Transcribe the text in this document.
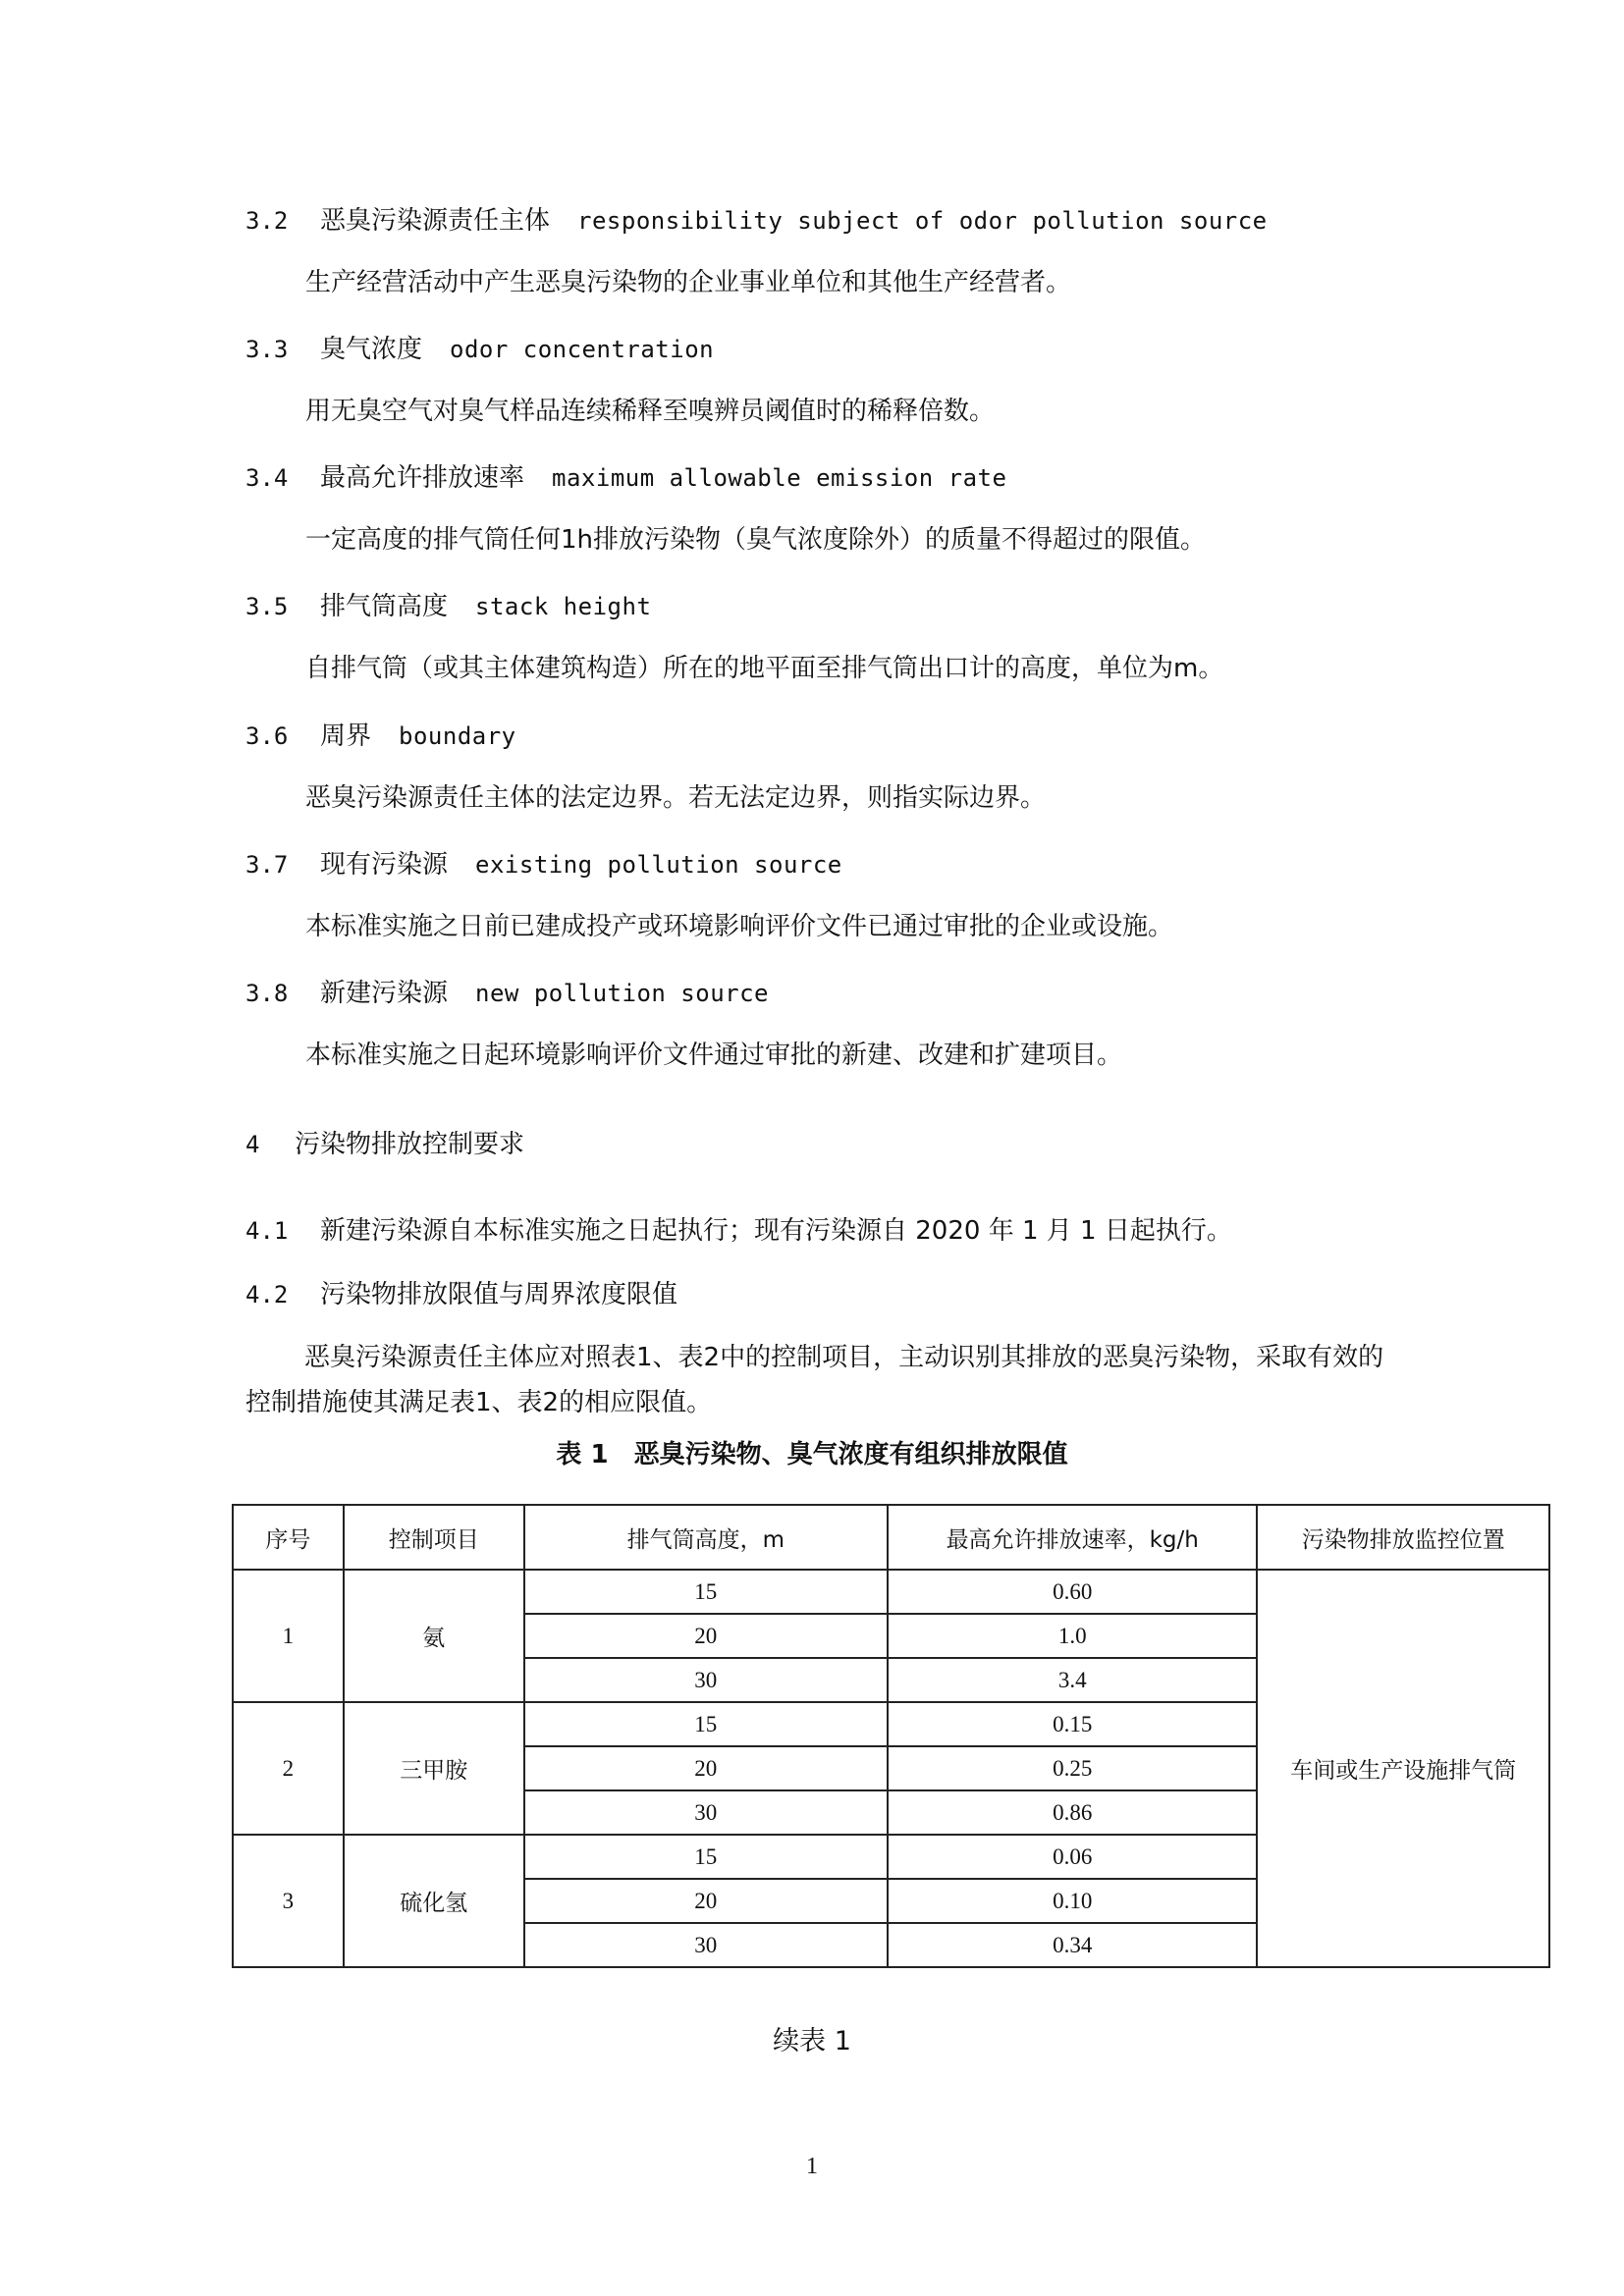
3.2 恶臭污染源责任主体 responsibility subject of odor pollution source
生产经营活动中产生恶臭污染物的企业事业单位和其他生产经营者。
3.3 臭气浓度 odor concentration
用无臭空气对臭气样品连续稀释至嗅辨员阈值时的稀释倍数。
3.4 最高允许排放速率 maximum allowable emission rate
一定高度的排气筒任何1h排放污染物（臭气浓度除外）的质量不得超过的限值。
3.5 排气筒高度 stack height
自排气筒（或其主体建筑构造）所在的地平面至排气筒出口计的高度，单位为m。
3.6 周界 boundary
恶臭污染源责任主体的法定边界。若无法定边界，则指实际边界。
3.7 现有污染源 existing pollution source
本标准实施之日前已建成投产或环境影响评价文件已通过审批的企业或设施。
3.8 新建污染源 new pollution source
本标准实施之日起环境影响评价文件通过审批的新建、改建和扩建项目。
4 污染物排放控制要求
4.1 新建污染源自本标准实施之日起执行；现有污染源自 2020 年 1 月 1 日起执行。
4.2 污染物排放限值与周界浓度限值
恶臭污染源责任主体应对照表1、表2中的控制项目，主动识别其排放的恶臭污染物，采取有效的控制措施使其满足表1、表2的相应限值。
表 1　恶臭污染物、臭气浓度有组织排放限值
序号	控制项目	排气筒高度，m	最高允许排放速率，kg/h	污染物排放监控位置
1	氨	15	0.60	车间或生产设施排气筒
		20	1.0	
		30	3.4	
2	三甲胺	15	0.15	
		20	0.25	
		30	0.86	
3	硫化氢	15	0.06	
		20	0.10	
		30	0.34	
续表 1
1
